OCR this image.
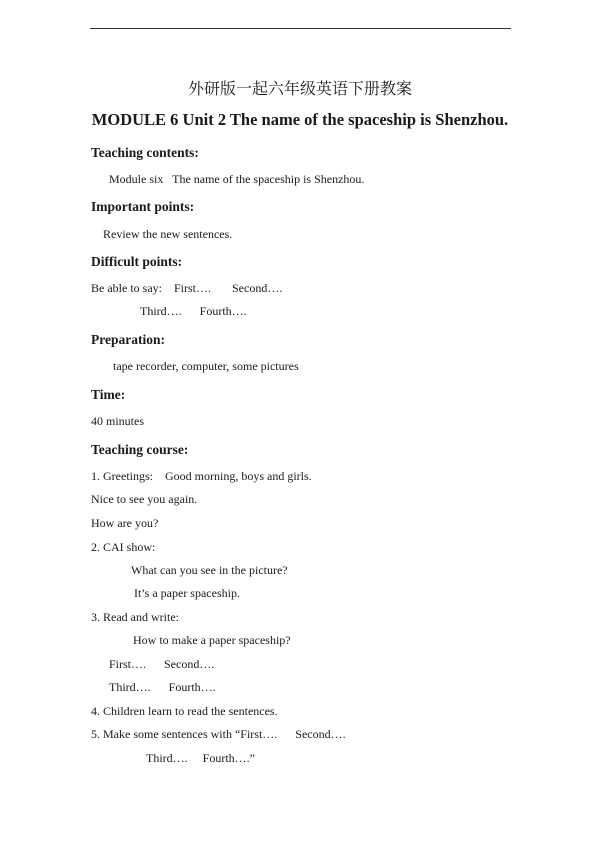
外研版一起六年级英语下册教案
MODULE 6 Unit 2 The name of the spaceship is Shenzhou.
Teaching contents:
Module six   The name of the spaceship is Shenzhou.
Important points:
Review the new sentences.
Difficult points:
Be able to say:    First….       Second….
Third….      Fourth….
Preparation:
tape recorder, computer, some pictures
Time:
40 minutes
Teaching course:
1. Greetings:    Good morning, boys and girls.
Nice to see you again.
How are you?
2. CAI show:
What can you see in the picture?
It’s a paper spaceship.
3. Read and write:
How to make a paper spaceship?
First….      Second….
Third….      Fourth….
4. Children learn to read the sentences.
5. Make some sentences with “First….      Second….
Third….     Fourth….”
